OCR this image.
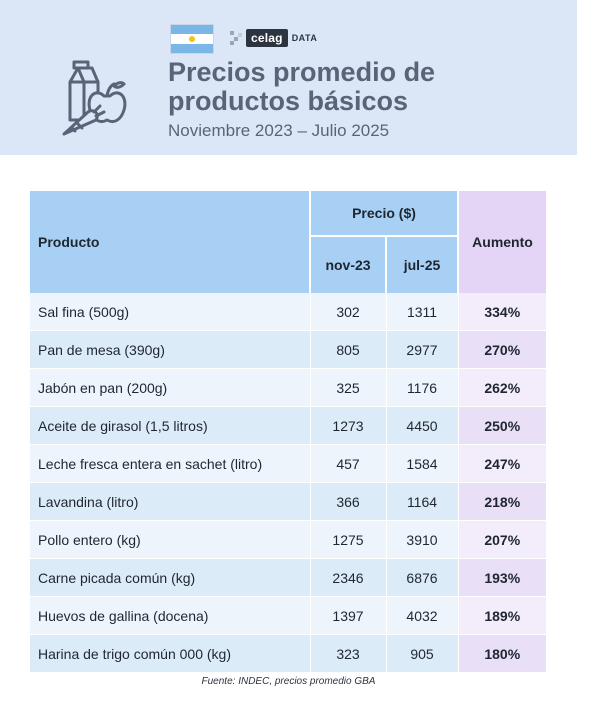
celag	DATA
Precios promedio de
productos básicos

Noviembre 2023 – Julio 2025

Producto	Precio ($)		Aumento
	nov-23	jul-25	
Sal fina (500g)	302	1311	334%
Pan de mesa (390g)	805	2977	270%
Jabón en pan (200g)	325	1176	262%
Aceite de girasol (1,5 litros)	1273	4450	250%
Leche fresca entera en sachet (litro)	457	1584	247%
Lavandina (litro)	366	1164	218%
Pollo entero (kg)	1275	3910	207%
Carne picada común (kg)	2346	6876	193%
Huevos de gallina (docena)	1397	4032	189%
Harina de trigo común 000 (kg)	323	905	180%
Fuente: INDEC, precios promedio GBA
